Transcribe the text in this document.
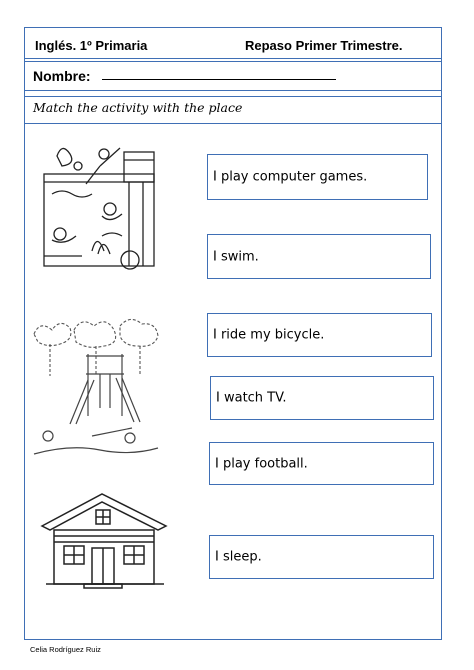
Inglés. 1º Primaria	Repaso Primer Trimestre.
Nombre:
Match the activity with the place
I play computer games.
I swim.
I ride my bicycle.
I watch TV.
I play football.
I sleep.
Celia Rodríguez Ruiz
